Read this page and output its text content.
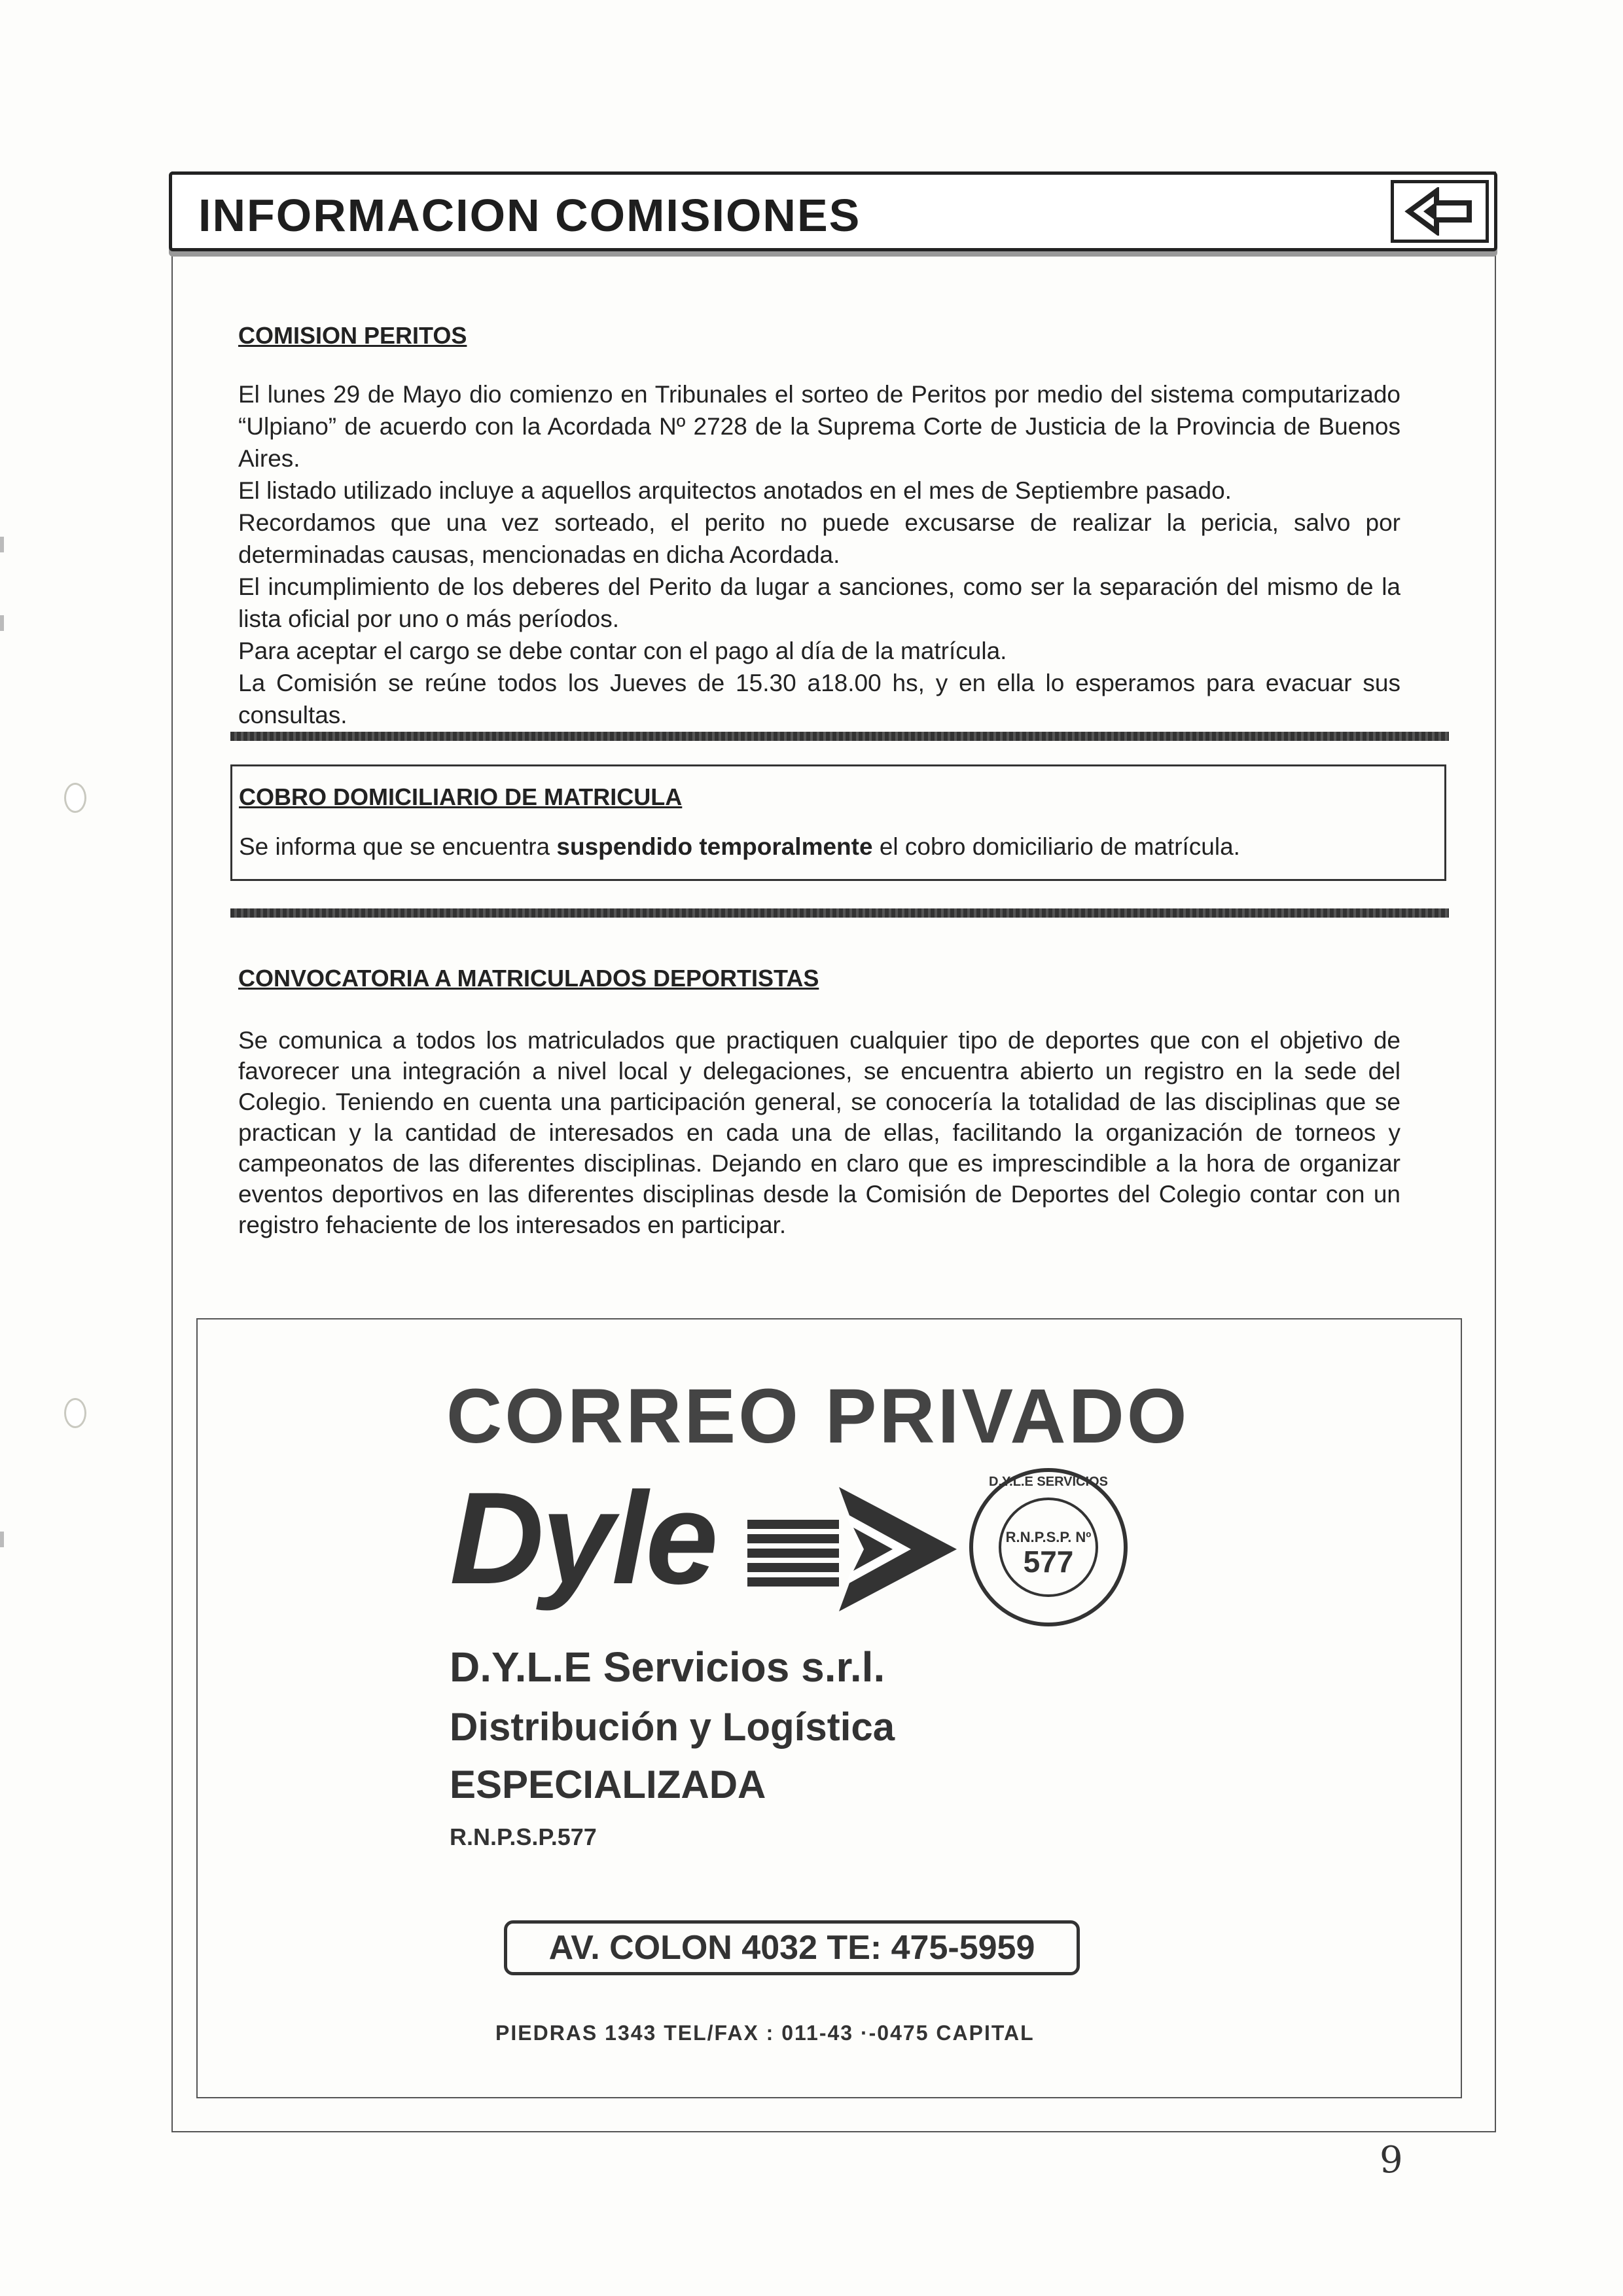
INFORMACION COMISIONES
COMISION PERITOS

El lunes 29 de Mayo dio comienzo en Tribunales el sorteo de Peritos por medio del sistema computarizado “Ulpiano” de acuerdo con la Acordada Nº 2728 de la Suprema Corte de Justicia de la Provincia de Buenos Aires.

El listado utilizado incluye a aquellos arquitectos anotados en el mes de Septiembre pasado.

Recordamos que una vez sorteado, el perito no puede excusarse de realizar la pericia, salvo por determinadas causas, mencionadas en dicha Acordada.

El incumplimiento de los deberes del Perito da lugar a sanciones, como ser la separación del mismo de la lista oficial por uno o más períodos.

Para aceptar el cargo se debe contar con el pago al día de la matrícula.

La Comisión se reúne todos los Jueves de 15.30 a18.00 hs, y en ella lo esperamos para evacuar sus consultas.

COBRO DOMICILIARIO DE MATRICULA
Se informa que se encuentra suspendido temporalmente el cobro domiciliario de matrícula.
CONVOCATORIA A MATRICULADOS DEPORTISTAS
Se comunica a todos los matriculados que practiquen cualquier tipo de deportes que con el objetivo de favorecer una integración a nivel local y delegaciones, se encuentra abierto un registro en la sede del Colegio. Teniendo en cuenta una participación general, se conocería la totalidad de las disciplinas que se practican y la cantidad de interesados en cada una de ellas, facilitando la organización de torneos y campeonatos de las diferentes disciplinas. Dejando en claro que es imprescindible a la hora de organizar eventos deportivos en las diferentes disciplinas desde la Comisión de Deportes del Colegio contar con un registro fehaciente de los interesados en participar.
CORREO PRIVADO
Dyle	D.Y.L.E SERVICIOS
R.N.P.S.P. Nº
577
D.Y.L.E Servicios s.r.l.
Distribución y Logística
ESPECIALIZADA
R.N.P.S.P.577
AV. COLON 4032 TE: 475-5959
PIEDRAS 1343 TEL/FAX : 011-43 ·-0475 CAPITAL
9
